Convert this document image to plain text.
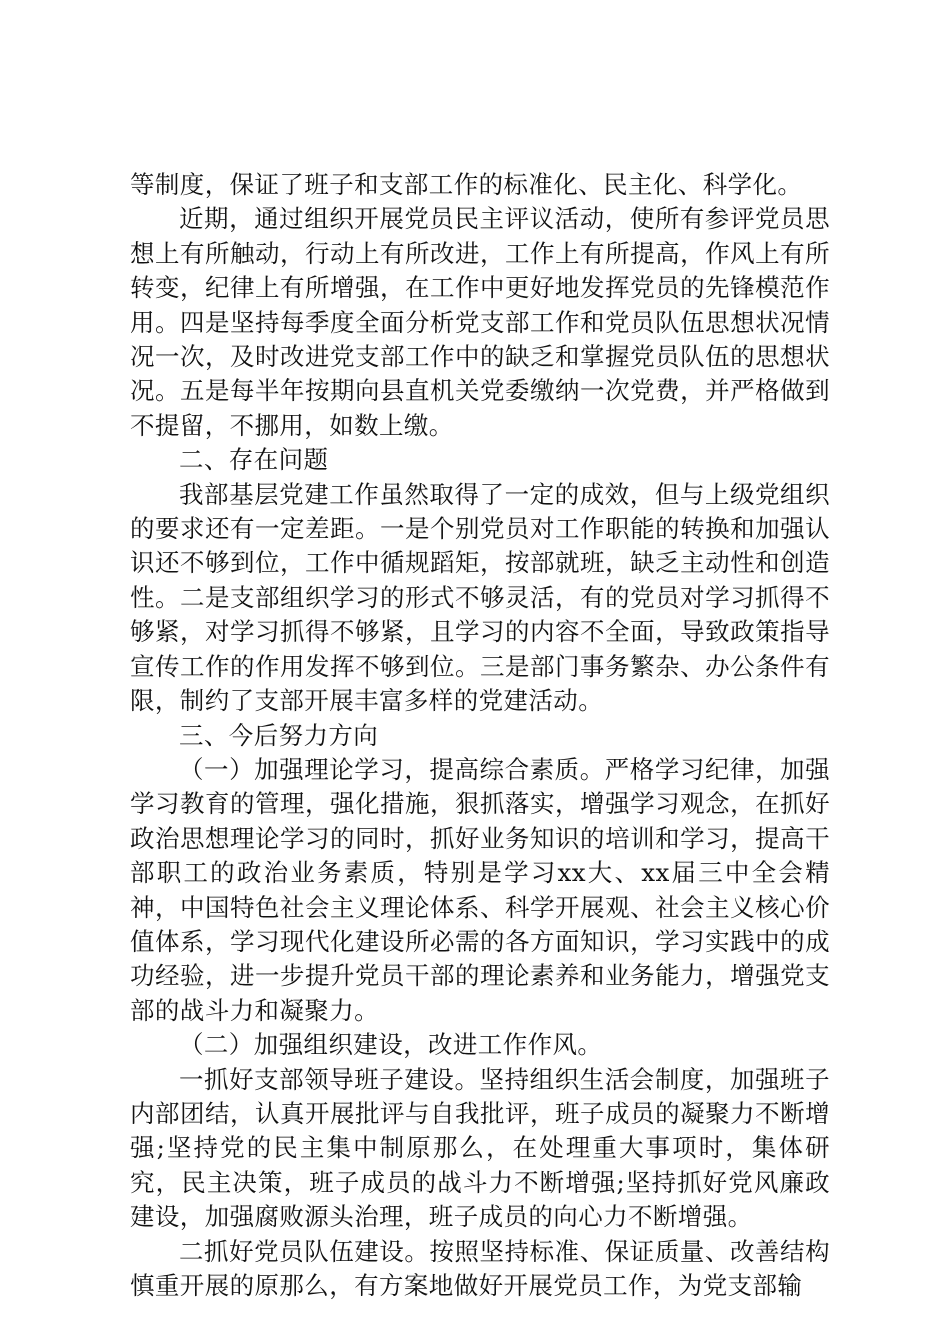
等制度，保证了班子和支部工作的标准化、民主化、科学化。

近期，通过组织开展党员民主评议活动，使所有参评党员思想上有所触动，行动上有所改进，工作上有所提高，作风上有所转变，纪律上有所增强，在工作中更好地发挥党员的先锋模范作用。四是坚持每季度全面分析党支部工作和党员队伍思想状况情况一次，及时改进党支部工作中的缺乏和掌握党员队伍的思想状况。五是每半年按期向县直机关党委缴纳一次党费，并严格做到不提留，不挪用，如数上缴。

二、存在问题

我部基层党建工作虽然取得了一定的成效，但与上级党组织的要求还有一定差距。一是个别党员对工作职能的转换和加强认识还不够到位，工作中循规蹈矩，按部就班，缺乏主动性和创造性。二是支部组织学习的形式不够灵活，有的党员对学习抓得不够紧，对学习抓得不够紧，且学习的内容不全面，导致政策指导宣传工作的作用发挥不够到位。三是部门事务繁杂、办公条件有限，制约了支部开展丰富多样的党建活动。

三、今后努力方向

（一）加强理论学习，提高综合素质。严格学习纪律，加强学习教育的管理，强化措施，狠抓落实，增强学习观念，在抓好政治思想理论学习的同时，抓好业务知识的培训和学习，提高干部职工的政治业务素质，特别是学习xx大、xx届三中全会精神，中国特色社会主义理论体系、科学开展观、社会主义核心价值体系，学习现代化建设所必需的各方面知识，学习实践中的成功经验，进一步提升党员干部的理论素养和业务能力，增强党支部的战斗力和凝聚力。

（二）加强组织建设，改进工作作风。

一抓好支部领导班子建设。坚持组织生活会制度，加强班子内部团结，认真开展批评与自我批评，班子成员的凝聚力不断增强;坚持党的民主集中制原那么，在处理重大事项时，集体研究，民主决策，班子成员的战斗力不断增强;坚持抓好党风廉政建设，加强腐败源头治理，班子成员的向心力不断增强。

二抓好党员队伍建设。按照坚持标准、保证质量、改善结构慎重开展的原那么，有方案地做好开展党员工作，为党支部输
